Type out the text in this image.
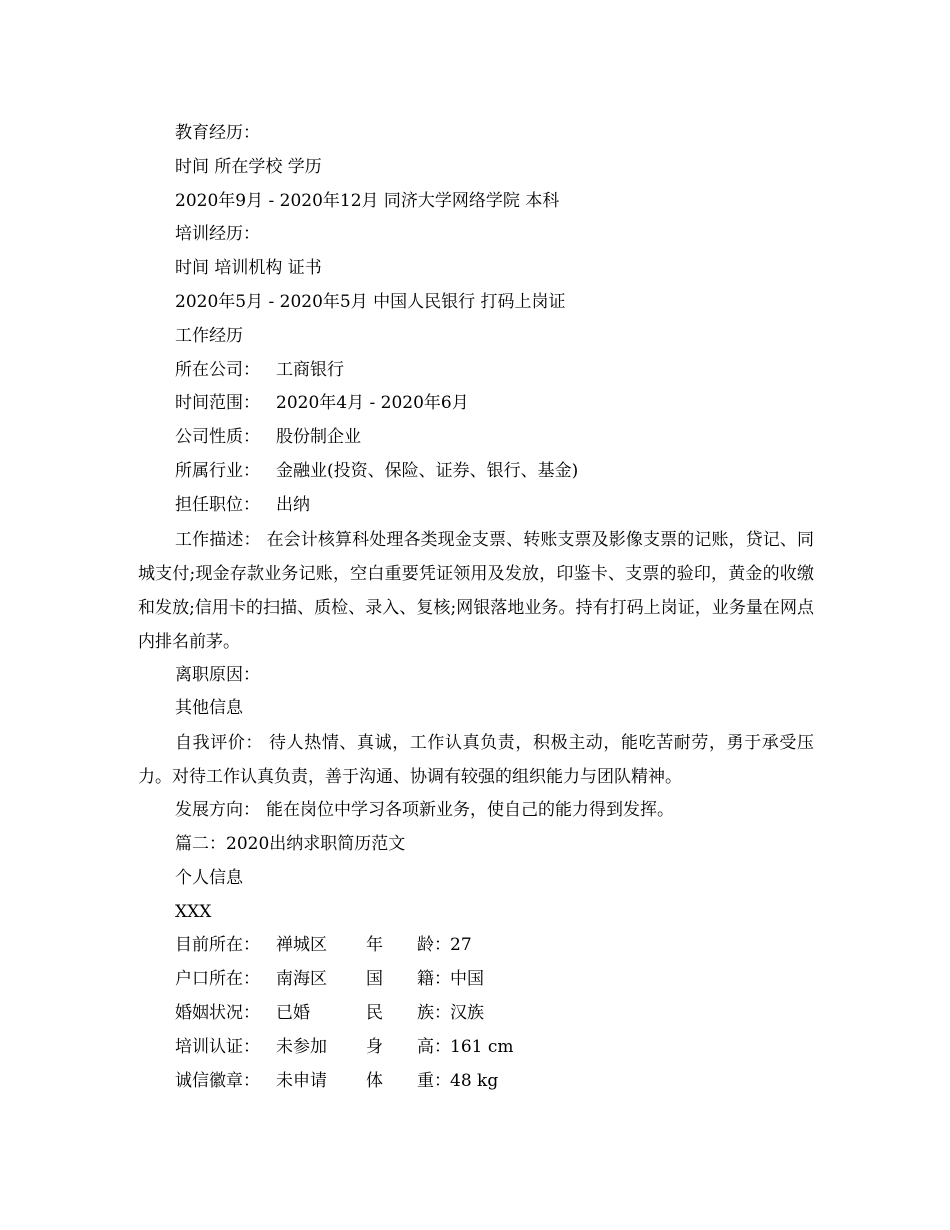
教育经历：
时间 所在学校 学历
2020年9月 - 2020年12月 同济大学网络学院 本科
培训经历：
时间 培训机构 证书
2020年5月 - 2020年5月 中国人民银行 打码上岗证
工作经历
所在公司： 工商银行
时间范围： 2020年4月 - 2020年6月
公司性质： 股份制企业
所属行业： 金融业(投资、保险、证券、银行、基金)
担任职位： 出纳

工作描述： 在会计核算科处理各类现金支票、转账支票及影像支票的记账，贷记、同城支付;现金存款业务记账，空白重要凭证领用及发放，印鉴卡、支票的验印，黄金的收缴和发放;信用卡的扫描、质检、录入、复核;网银落地业务。持有打码上岗证，业务量在网点内排名前茅。

离职原因：
其他信息

自我评价： 待人热情、真诚，工作认真负责，积极主动，能吃苦耐劳，勇于承受压力。对待工作认真负责，善于沟通、协调有较强的组织能力与团队精神。

发展方向： 能在岗位中学习各项新业务，使自己的能力得到发挥。
篇二：2020出纳求职简历范文
个人信息
XXX
目前所在： 禅城区 年　　龄：27
户口所在： 南海区 国　　籍：中国
婚姻状况： 已婚	民　　族：汉族
培训认证： 未参加 身　　高：161 cm
诚信徽章： 未申请 体　　重：48 kg
